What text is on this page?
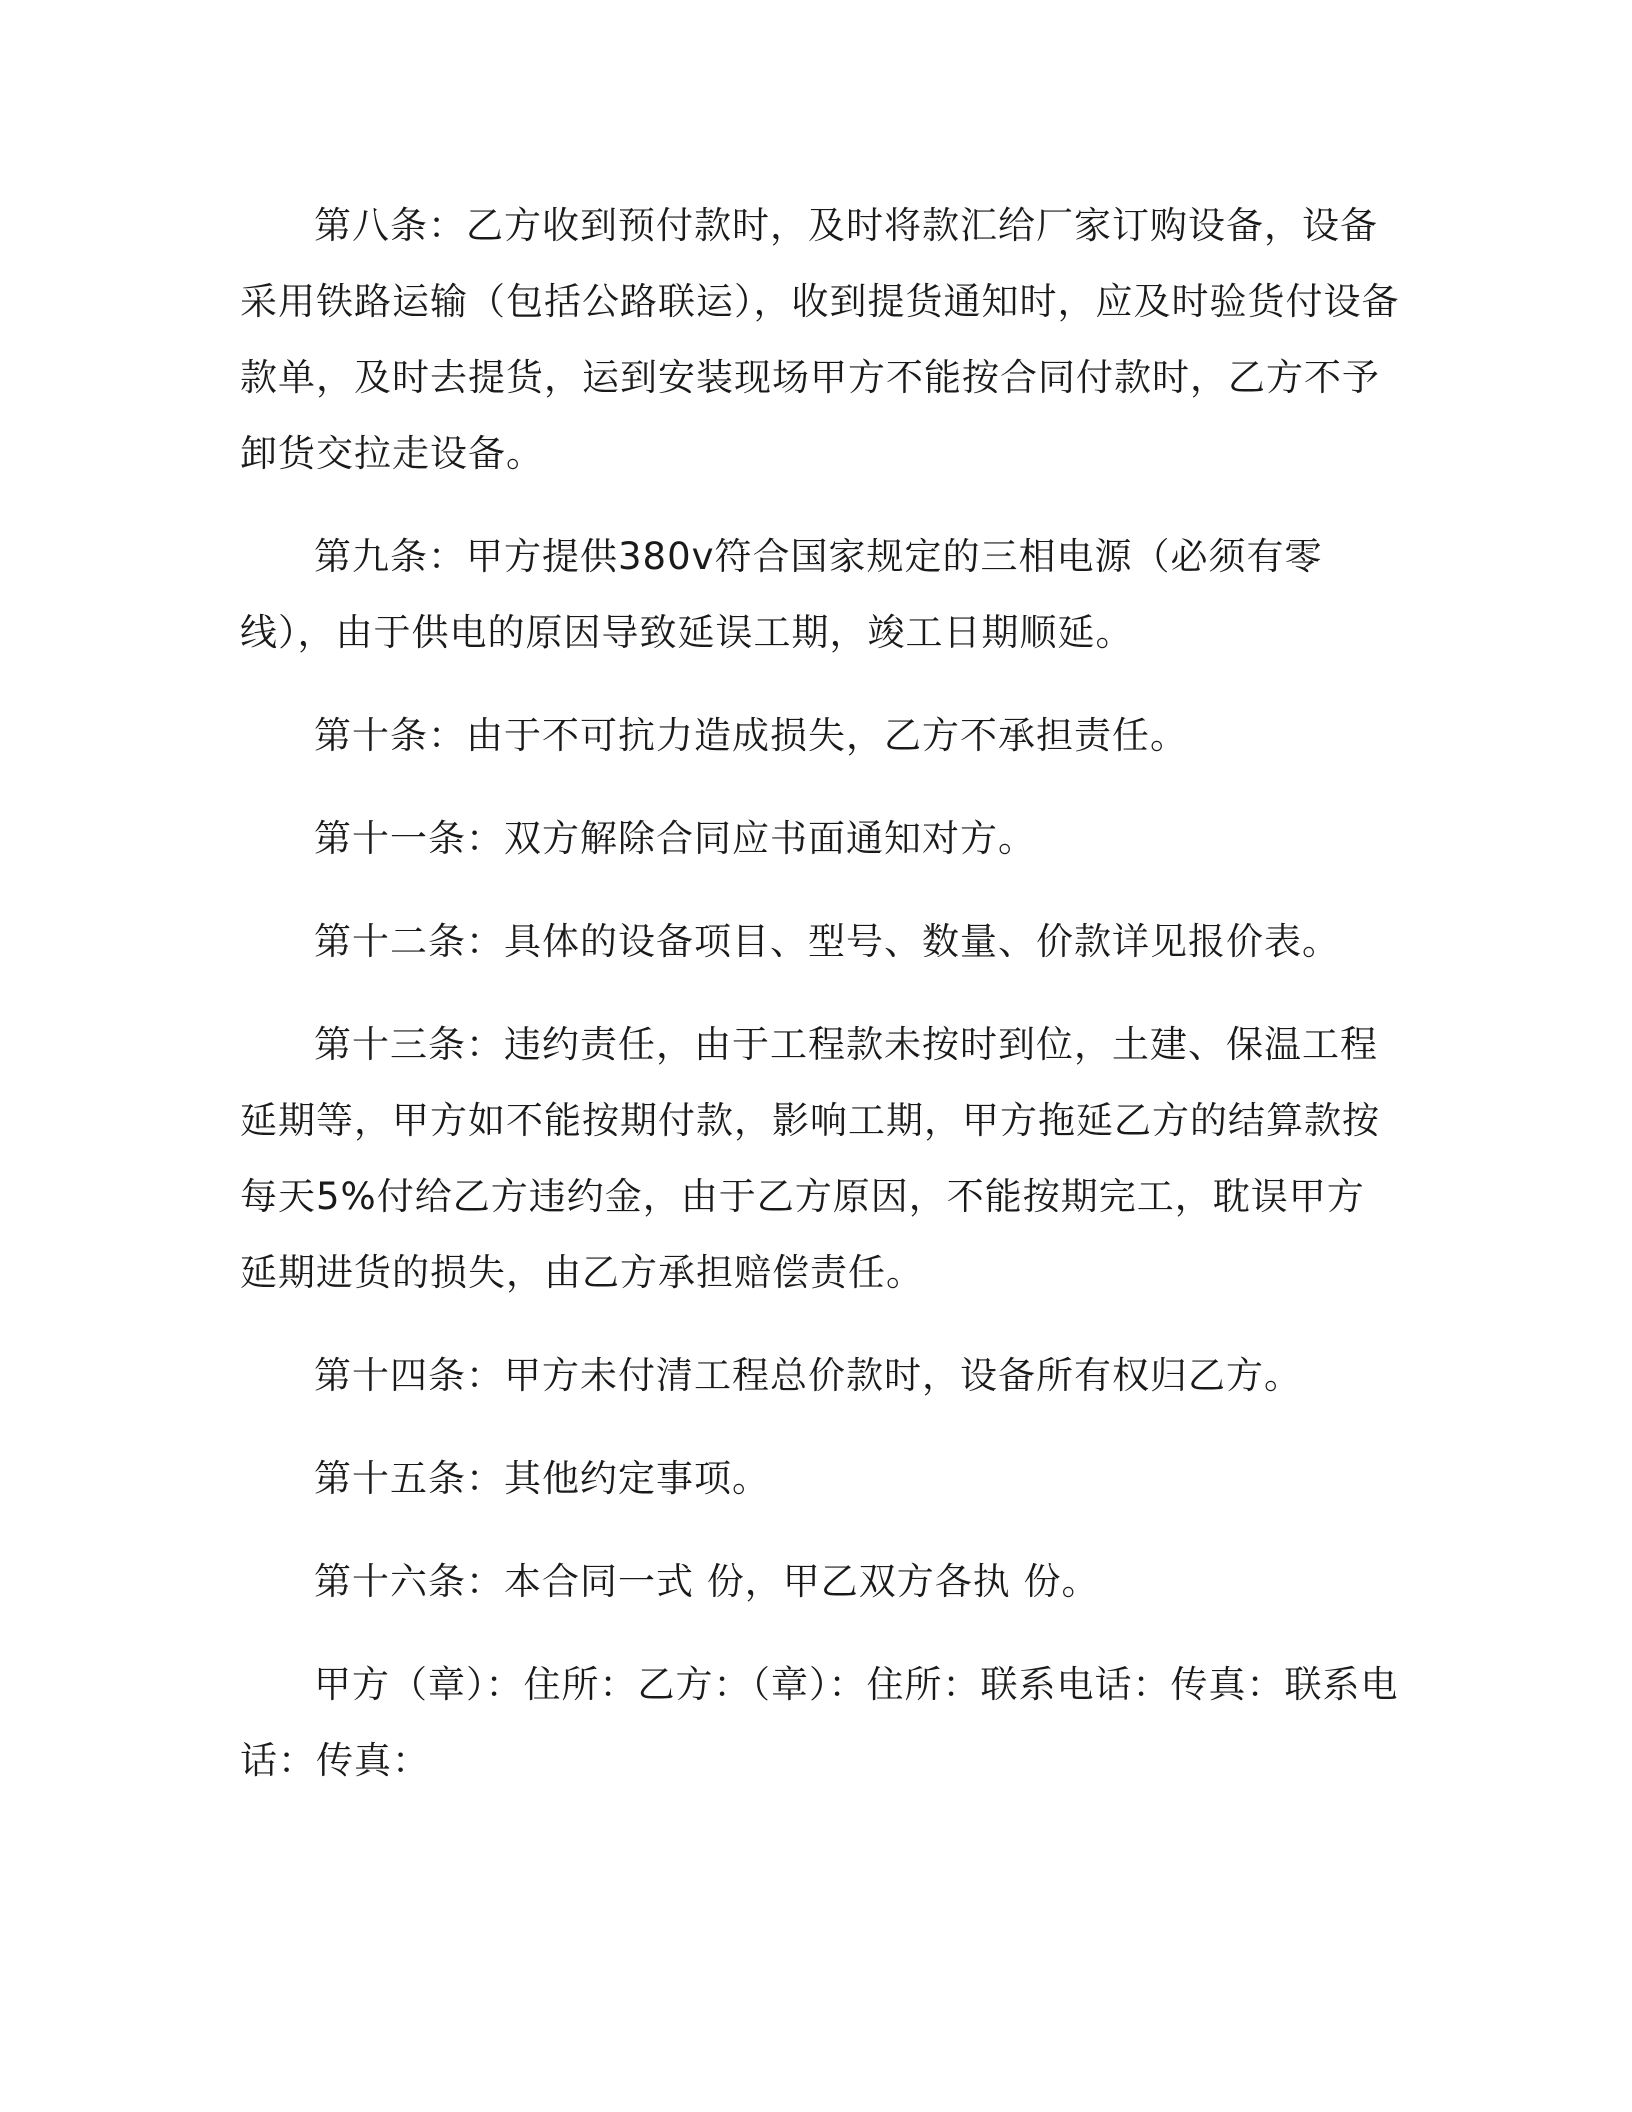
第八条：乙方收到预付款时，及时将款汇给厂家订购设备，设备采用铁路运输（包括公路联运），收到提货通知时，应及时验货付设备款单，及时去提货，运到安装现场甲方不能按合同付款时，乙方不予卸货交拉走设备。

第九条：甲方提供380v符合国家规定的三相电源（必须有零线），由于供电的原因导致延误工期，竣工日期顺延。

第十条：由于不可抗力造成损失，乙方不承担责任。

第十一条：双方解除合同应书面通知对方。

第十二条：具体的设备项目、型号、数量、价款详见报价表。

第十三条：违约责任，由于工程款未按时到位，土建、保温工程延期等，甲方如不能按期付款，影响工期，甲方拖延乙方的结算款按每天5%付给乙方违约金，由于乙方原因，不能按期完工，耽误甲方延期进货的损失，由乙方承担赔偿责任。

第十四条：甲方未付清工程总价款时，设备所有权归乙方。

第十五条：其他约定事项。

第十六条：本合同一式 份，甲乙双方各执 份。

甲方（章）：住所：乙方：（章）：住所：联系电话：传真：联系电话：传真：
